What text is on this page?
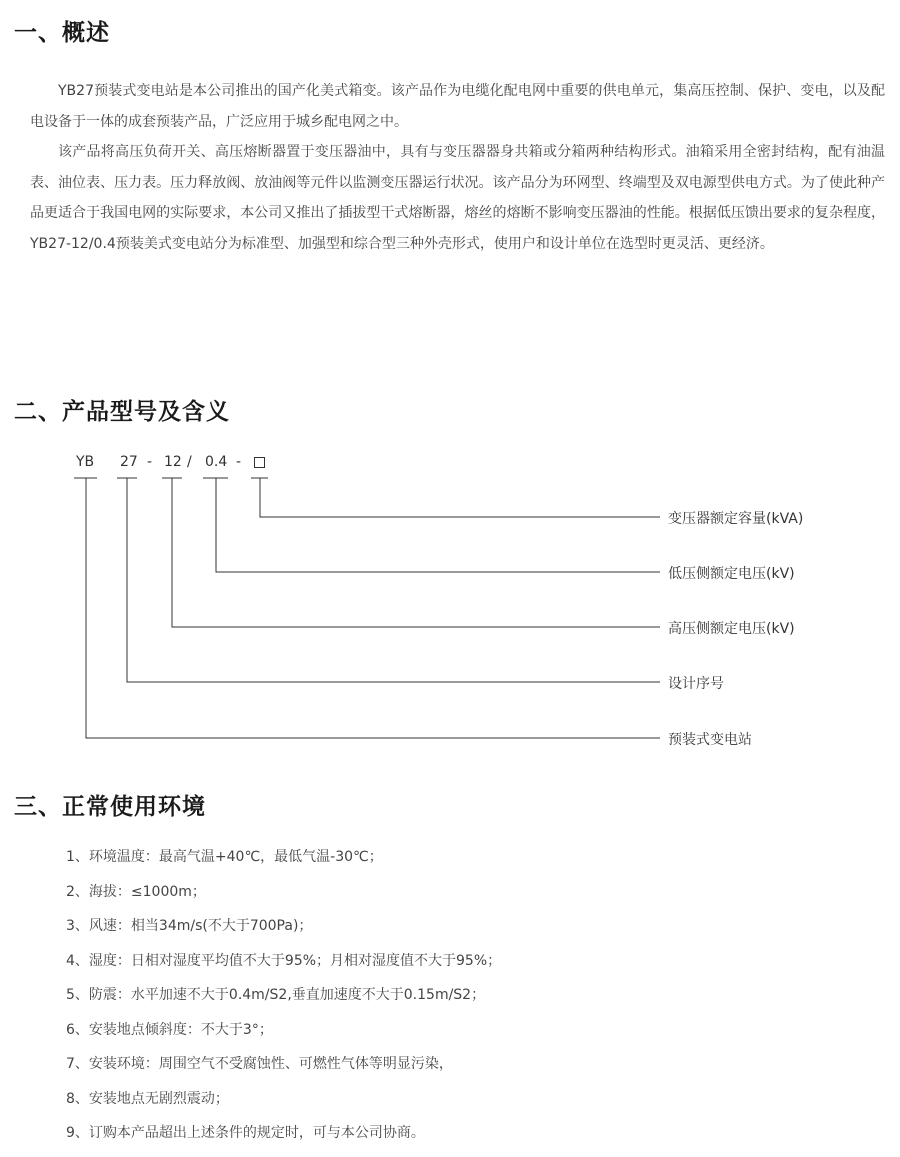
一、概述

YB27预装式变电站是本公司推出的国产化美式箱变。该产品作为电缆化配电网中重要的供电单元，集高压控制、保护、变电，以及配电设备于一体的成套预装产品，广泛应用于城乡配电网之中。

该产品将高压负荷开关、高压熔断器置于变压器油中，具有与变压器器身共箱或分箱两种结构形式。油箱采用全密封结构，配有油温表、油位表、压力表。压力释放阀、放油阀等元件以监测变压器运行状况。该产品分为环网型、终端型及双电源型供电方式。为了使此种产品更适合于我国电网的实际要求，本公司又推出了插拔型干式熔断器，熔丝的熔断不影响变压器油的性能。根据低压馈出要求的复杂程度，YB27-12/0.4预装美式变电站分为标准型、加强型和综合型三种外壳形式，使用户和设计单位在选型时更灵活、更经济。

二、产品型号及含义
YB 27 - 12 / 0.4 -
变压器额定容量(kVA)
低压侧额定电压(kV)
高压侧额定电压(kV)
设计序号
预装式变电站
三、正常使用环境
1、环境温度：最高气温+40℃，最低气温-30℃；
2、海拔：≤1000m；
3、风速：相当34m/s(不大于700Pa)；
4、湿度：日相对湿度平均值不大于95%；月相对湿度值不大于95%；
5、防震：水平加速不大于0.4m/S2,垂直加速度不大于0.15m/S2；
6、安装地点倾斜度：不大于3°；
7、安装环境：周围空气不受腐蚀性、可燃性气体等明显污染，
8、安装地点无剧烈震动；
9、订购本产品超出上述条件的规定时，可与本公司协商。
